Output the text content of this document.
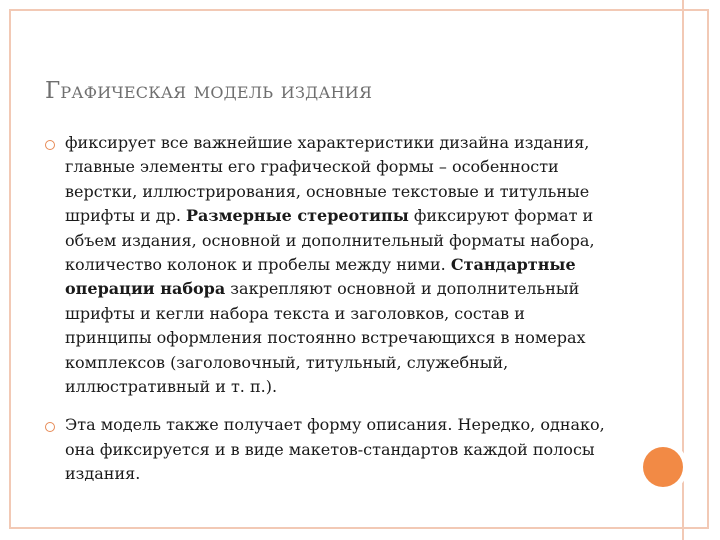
Графическая модель издания
фиксирует все важнейшие характеристики дизайна издания, главные элементы его графической формы – особенности верстки, иллюстрирования, основные текстовые и титульные шрифты и др. Размерные стереотипы фиксируют формат и объем издания, основной и дополнительный форматы набора, количество колонок и пробелы между ними. Стандартные операции набора закрепляют основной и дополнительный шрифты и кегли набора текста и заголовков, состав и принципы оформления постоянно встречающихся в номерах комплексов (заголовочный, титульный, служебный, иллюстративный и т. п.).
Эта модель также получает форму описания. Нередко, однако, она фиксируется и в виде макетов-стандартов каждой полосы издания.
